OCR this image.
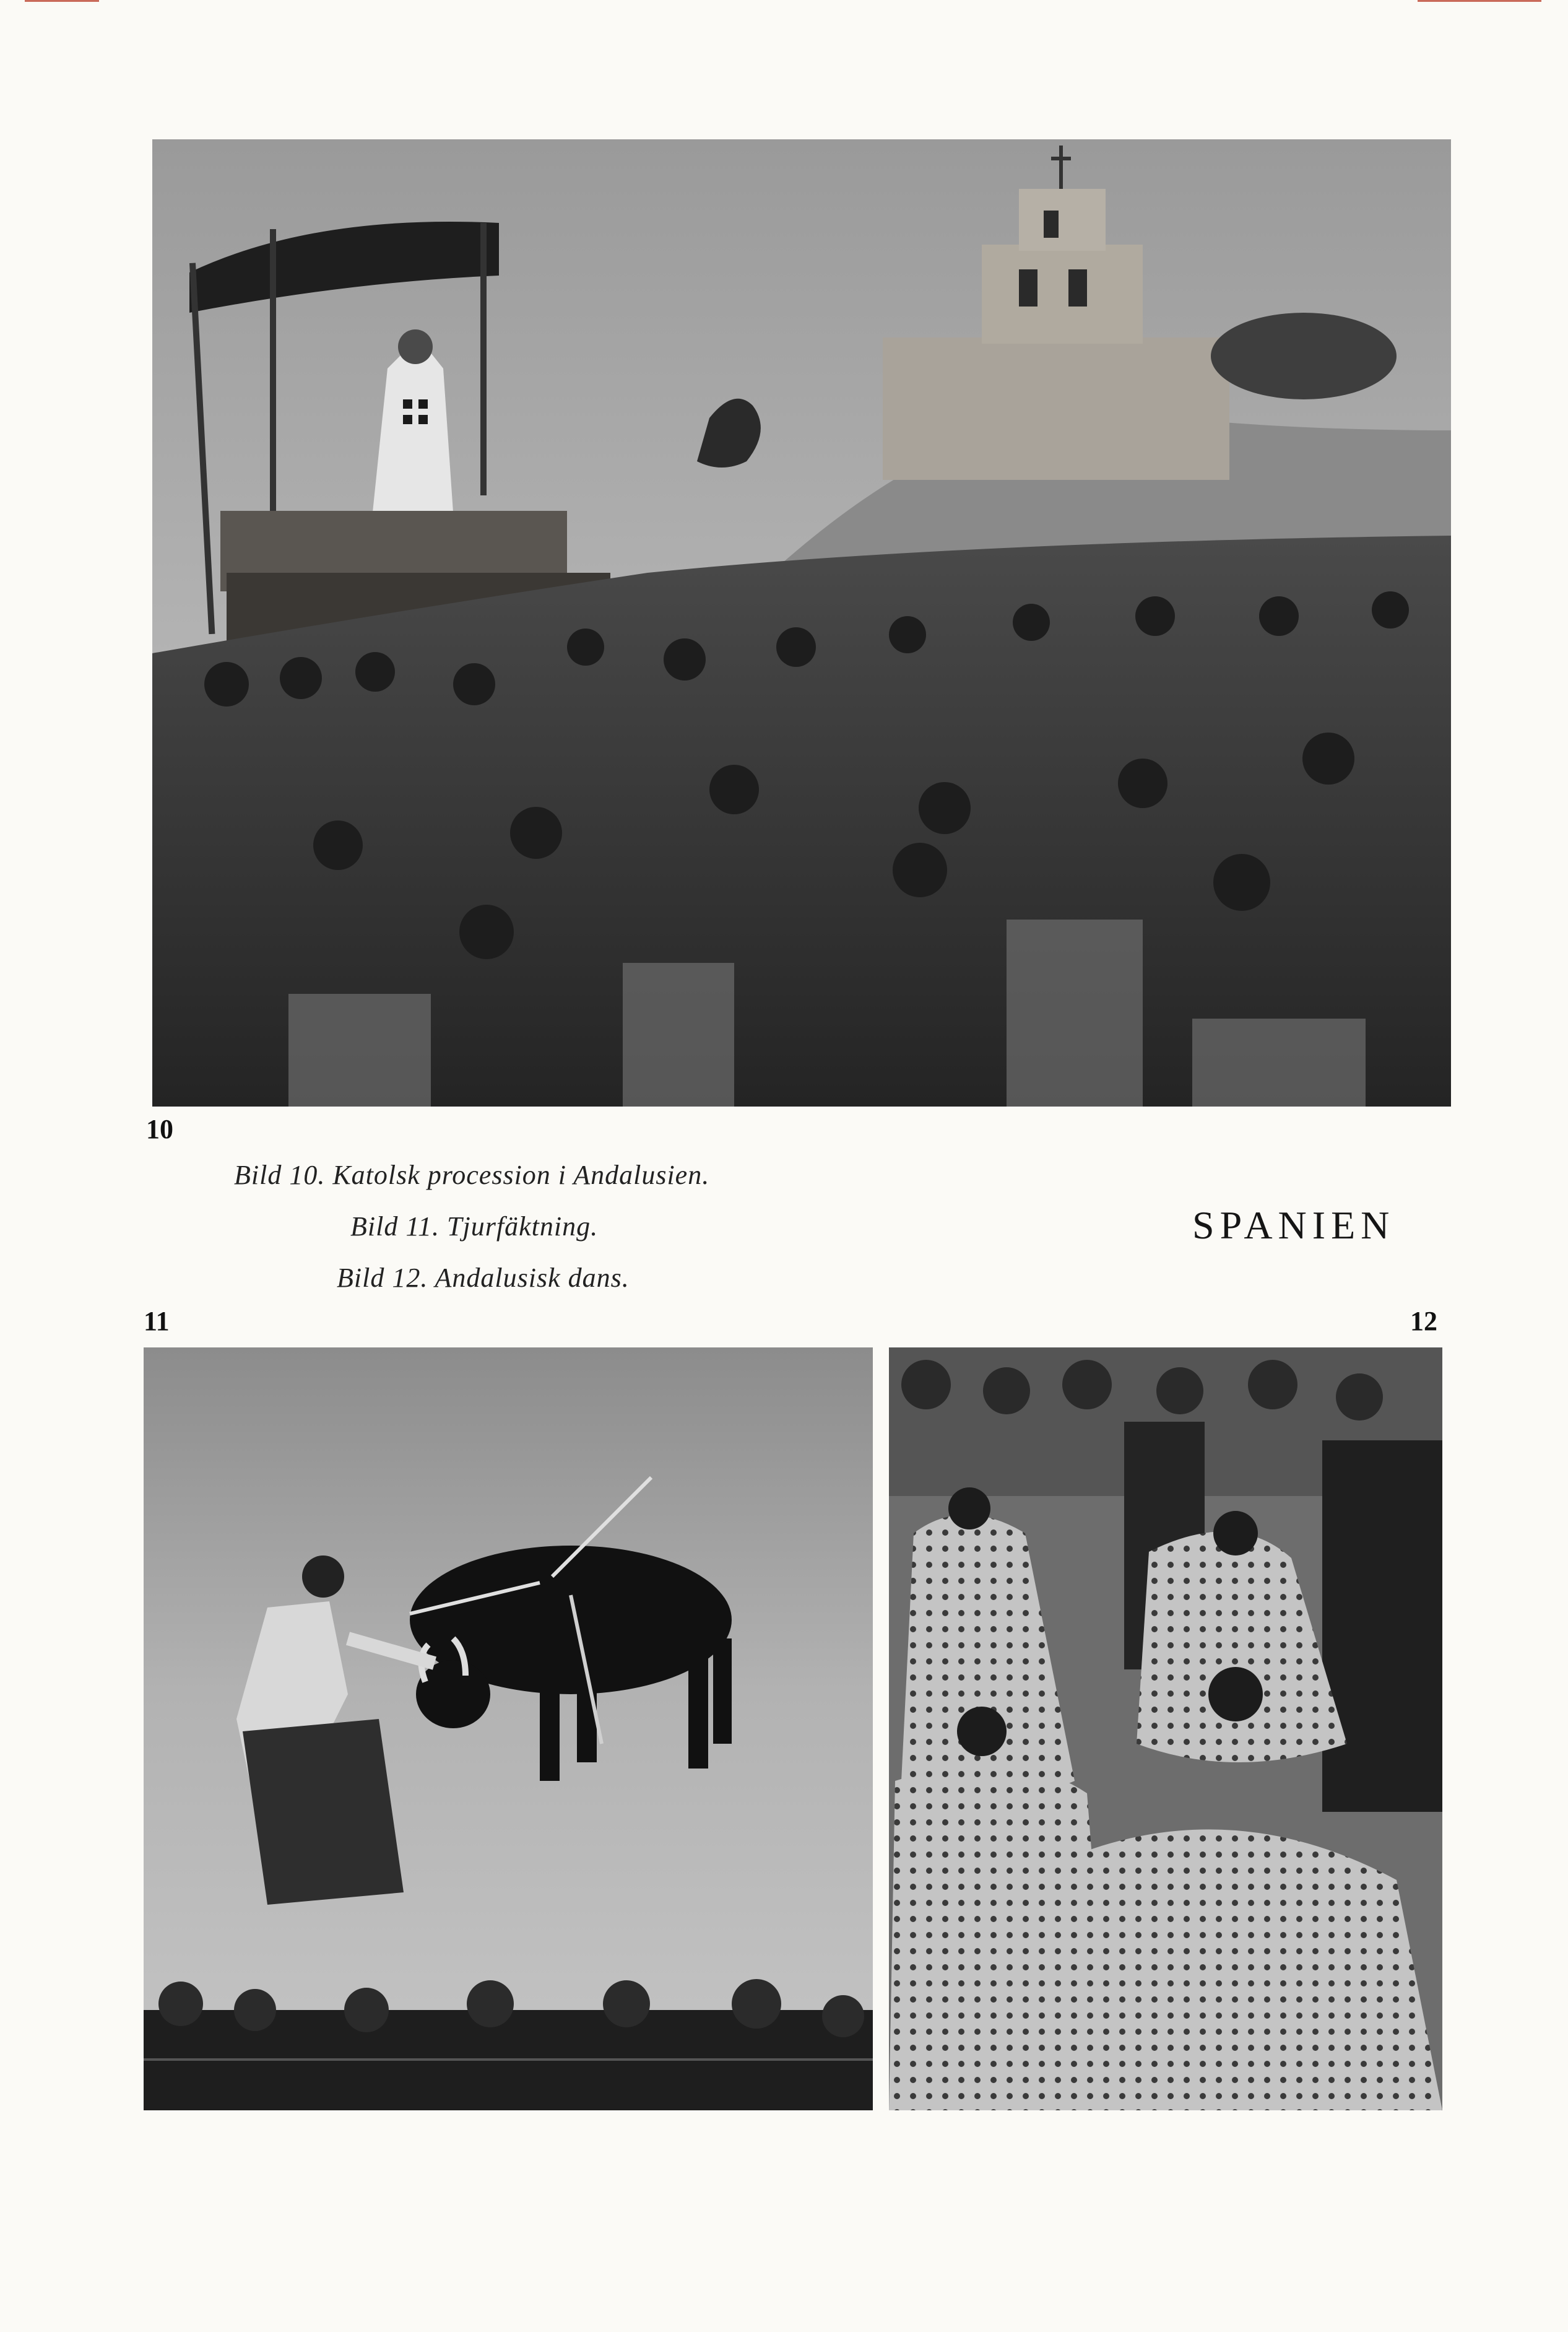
10
Bild 10. Katolsk procession i Andalusien.
Bild 11. Tjurfäktning.
Bild 12. Andalusisk dans.
SPANIEN
11	12
